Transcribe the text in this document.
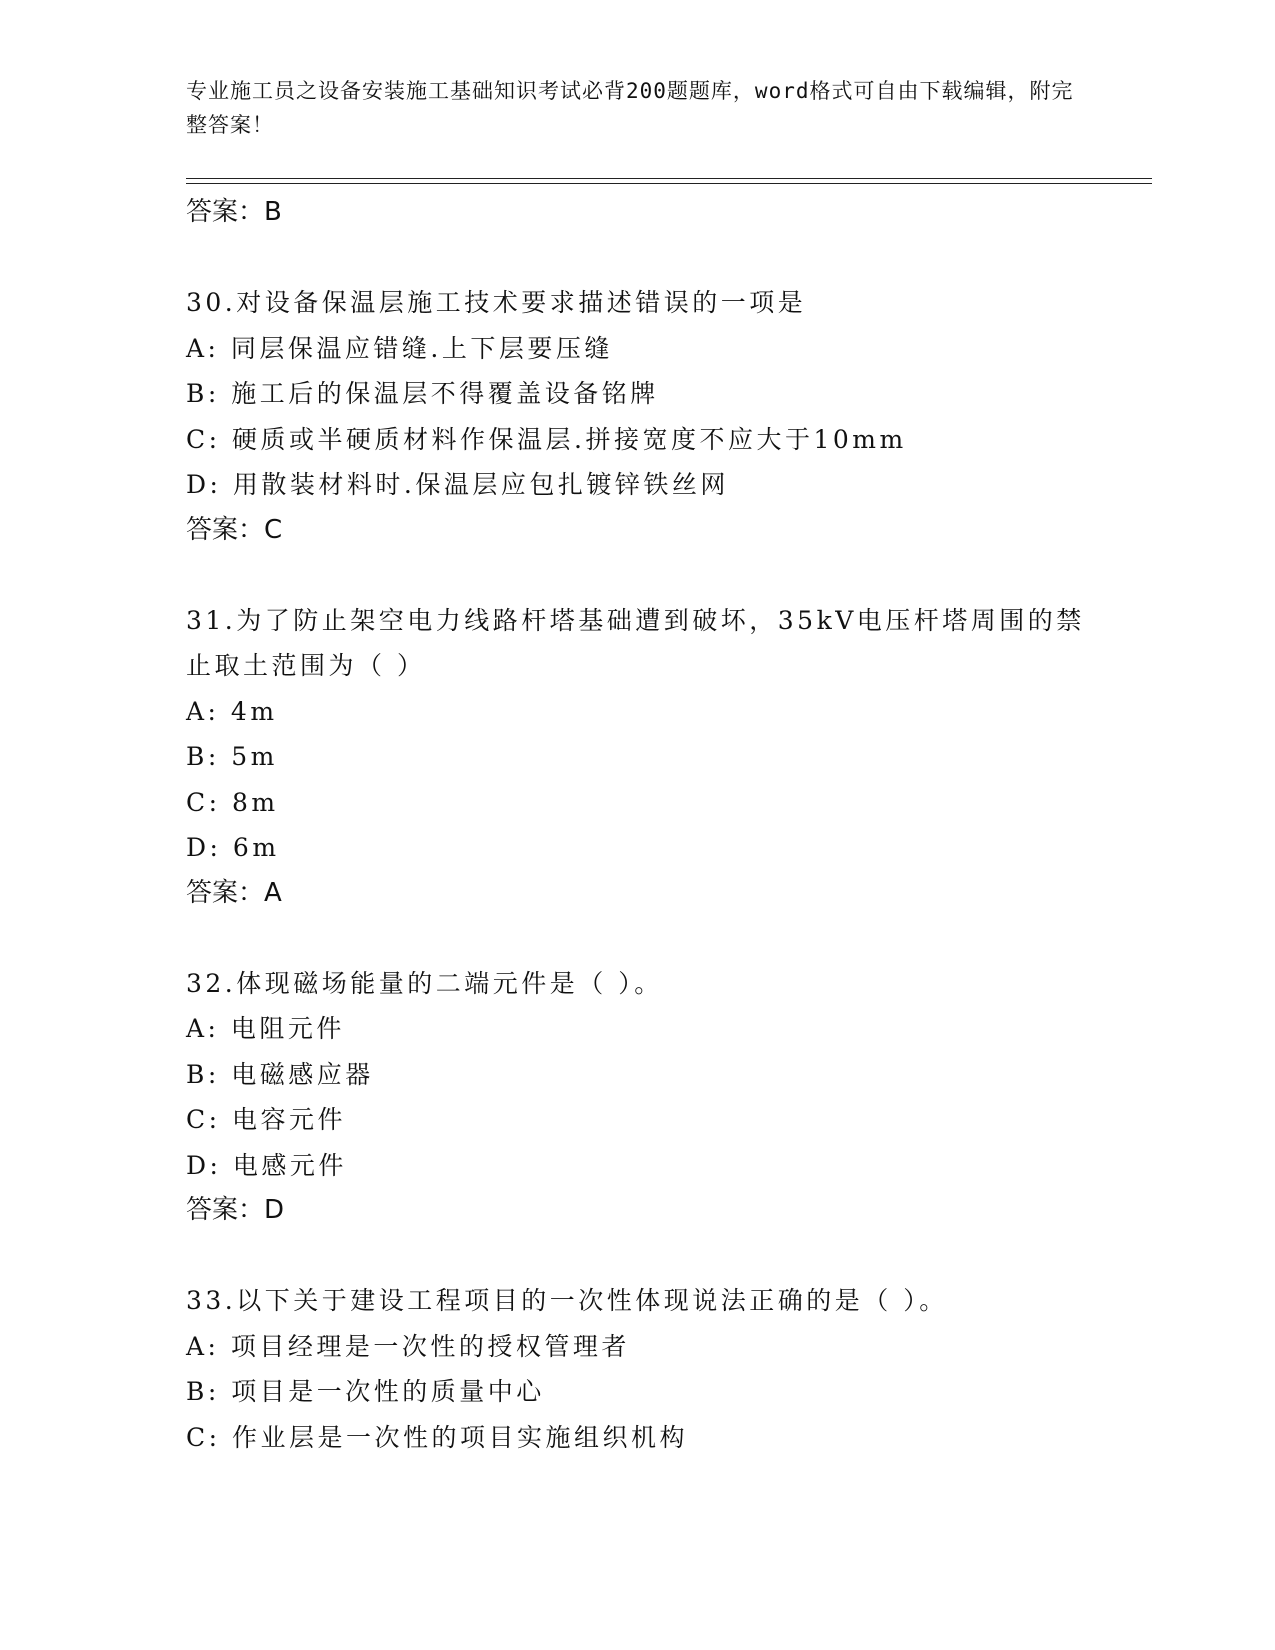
专业施工员之设备安装施工基础知识考试必背200题题库，word格式可自由下载编辑，附完整答案！

答案：B

30.对设备保温层施工技术要求描述错误的一项是

A: 同层保温应错缝.上下层要压缝

B: 施工后的保温层不得覆盖设备铭牌

C: 硬质或半硬质材料作保温层.拼接宽度不应大于10mm

D: 用散装材料时.保温层应包扎镀锌铁丝网

答案：C

31.为了防止架空电力线路杆塔基础遭到破坏，35kV电压杆塔周围的禁止取土范围为（ ）

A: 4m

B: 5m

C: 8m

D: 6m

答案：A

32.体现磁场能量的二端元件是（ ）。

A: 电阻元件

B: 电磁感应器

C: 电容元件

D: 电感元件

答案：D

33.以下关于建设工程项目的一次性体现说法正确的是（ ）。

A: 项目经理是一次性的授权管理者

B: 项目是一次性的质量中心

C: 作业层是一次性的项目实施组织机构
